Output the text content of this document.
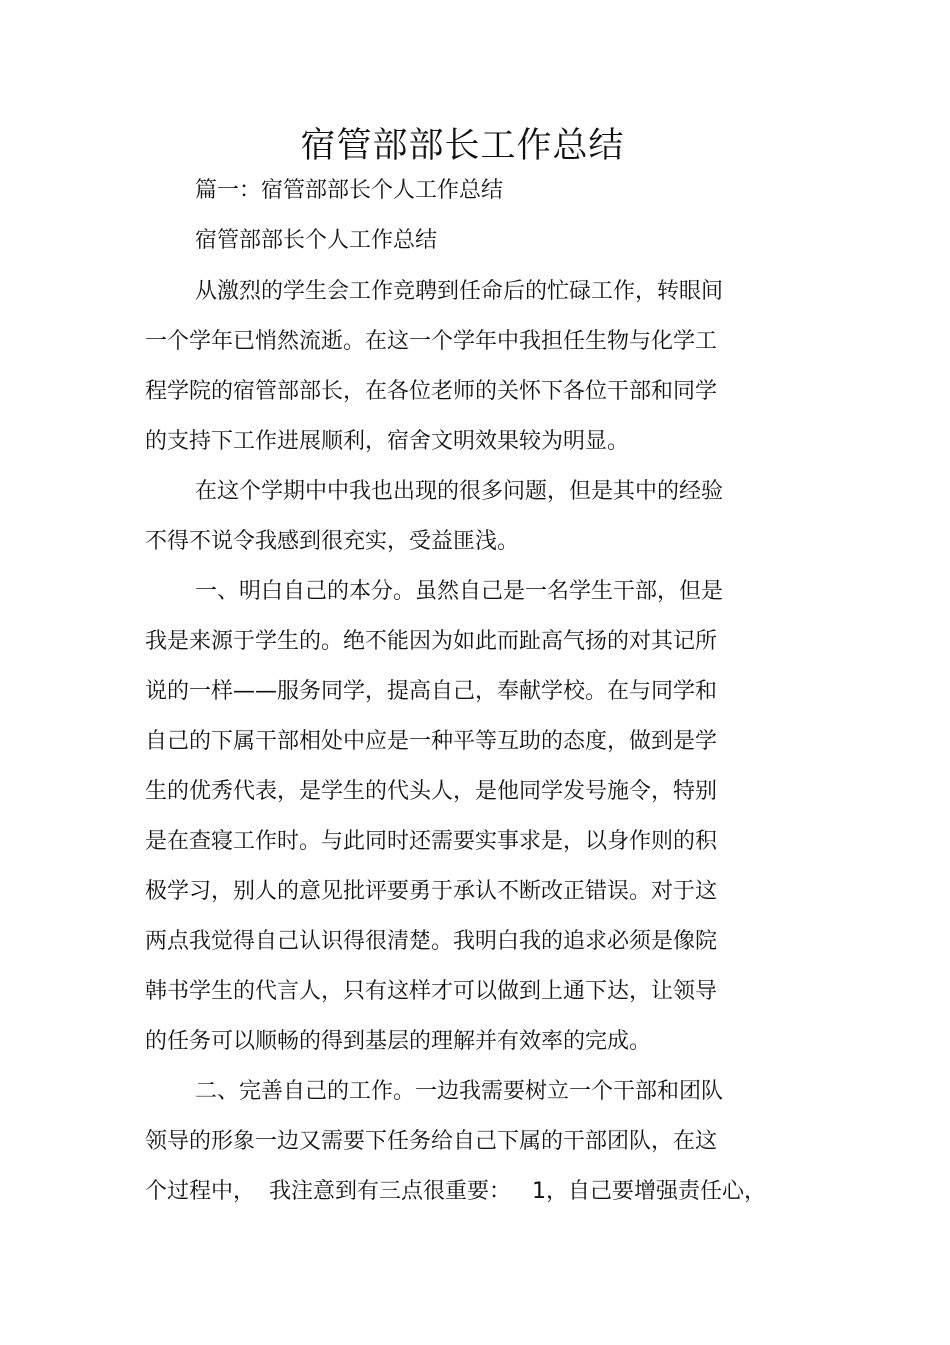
宿管部部长工作总结

篇一：宿管部部长个人工作总结

宿管部部长个人工作总结

从激烈的学生会工作竞聘到任命后的忙碌工作，转眼间

一个学年已悄然流逝。在这一个学年中我担任生物与化学工

程学院的宿管部部长，在各位老师的关怀下各位干部和同学

的支持下工作进展顺利，宿舍文明效果较为明显。

在这个学期中中我也出现的很多问题，但是其中的经验

不得不说令我感到很充实，受益匪浅。

一、明白自己的本分。虽然自己是一名学生干部，但是

我是来源于学生的。绝不能因为如此而趾高气扬的对其记所

说的一样——服务同学，提高自己，奉献学校。在与同学和

自己的下属干部相处中应是一种平等互助的态度，做到是学

生的优秀代表，是学生的代头人，是他同学发号施令，特别

是在查寝工作时。与此同时还需要实事求是，以身作则的积

极学习，别人的意见批评要勇于承认不断改正错误。对于这

两点我觉得自己认识得很清楚。我明白我的追求必须是像院

韩书学生的代言人，只有这样才可以做到上通下达，让领导

的任务可以顺畅的得到基层的理解并有效率的完成。

二、完善自己的工作。一边我需要树立一个干部和团队

领导的形象一边又需要下任务给自己下属的干部团队，在这

个过程中，  我注意到有三点很重要：   1，自己要增强责任心，
